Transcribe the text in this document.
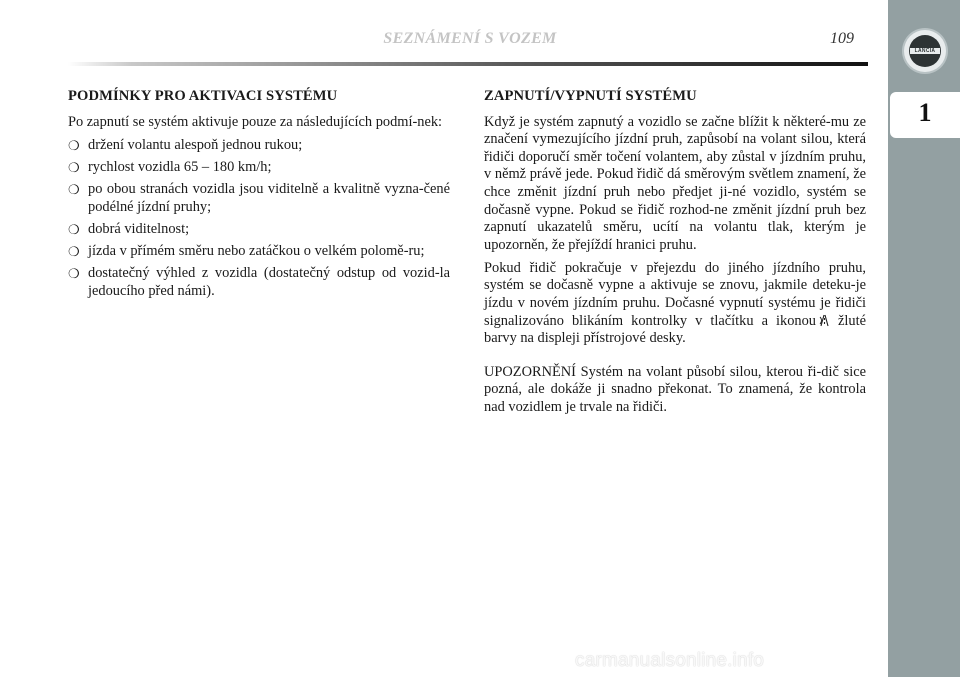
SEZNÁMENÍ S VOZEM	109
LANCIA
1
PODMÍNKY PRO AKTIVACI SYSTÉMU

Po zapnutí se systém aktivuje pouze za následujících podmí-nek:

❍ držení volantu alespoň jednou rukou;
❍ rychlost vozidla 65 – 180 km/h;
❍ po obou stranách vozidla jsou viditelně a kvalitně vyzna-čené podélné jízdní pruhy;
❍ dobrá viditelnost;
❍ jízda v přímém směru nebo zatáčkou o velkém polomě-ru;
❍ dostatečný výhled z vozidla (dostatečný odstup od vozid-la jedoucího před námi).
ZAPNUTÍ/VYPNUTÍ SYSTÉMU

Když je systém zapnutý a vozidlo se začne blížit k některé-mu ze značení vymezujícího jízdní pruh, zapůsobí na volant silou, která řidiči doporučí směr točení volantem, aby zůstal v jízdním pruhu, v němž právě jede. Pokud řidič dá směrovým světlem znamení, že chce změnit jízdní pruh nebo předjet ji-né vozidlo, systém se dočasně vypne. Pokud se řidič rozhod-ne změnit jízdní pruh bez zapnutí ukazatelů směru, ucítí na volantu tlak, kterým je upozorněn, že přejíždí hranici pruhu.

Pokud řidič pokračuje v přejezdu do jiného jízdního pruhu, systém se dočasně vypne a aktivuje se znovu, jakmile deteku-je jízdu v novém jízdním pruhu. Dočasné vypnutí systému je řidiči signalizováno blikáním kontrolky v tlačítku a ikonou žluté barvy na displeji přístrojové desky.

UPOZORNĚNÍ Systém na volant působí silou, kterou ři-dič sice pozná, ale dokáže ji snadno překonat. To znamená, že kontrola nad vozidlem je trvale na řidiči.

carmanualsonline.info
